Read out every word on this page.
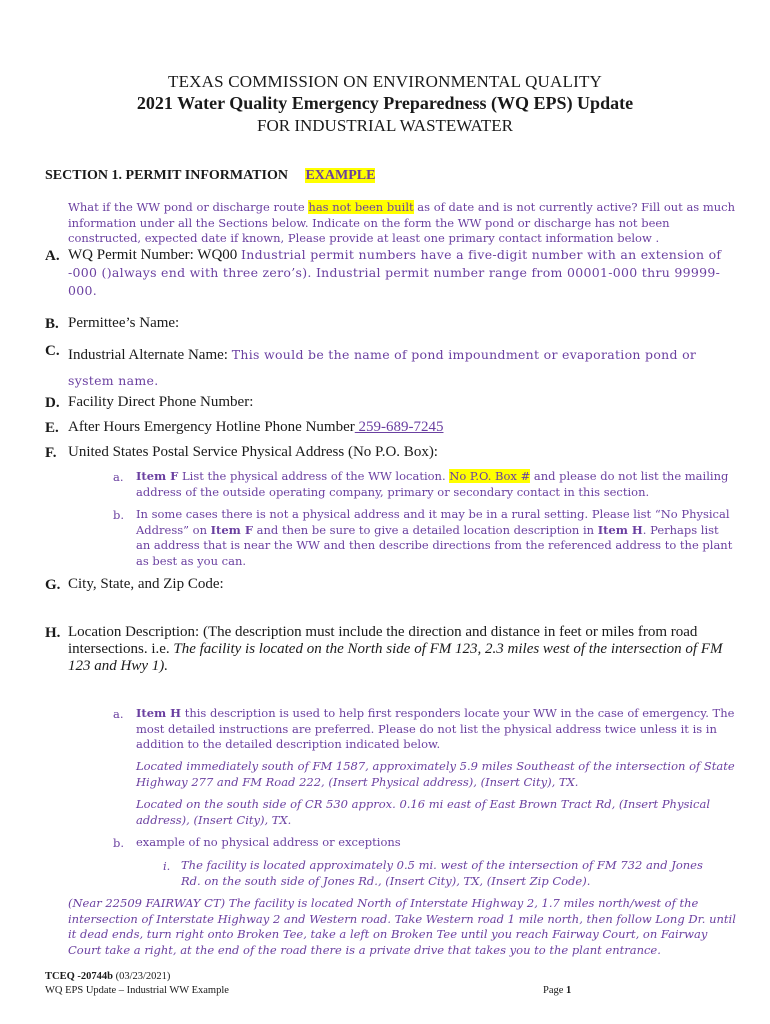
TEXAS COMMISSION ON ENVIRONMENTAL QUALITY
2021 Water Quality Emergency Preparedness (WQ EPS) Update
FOR INDUSTRIAL WASTEWATER
SECTION 1. PERMIT INFORMATION EXAMPLE
What if the WW pond or discharge route has not been built as of date and is not currently active? Fill out as much information under all the Sections below. Indicate on the form the WW pond or discharge has not been constructed, expected date if known, Please provide at least one primary contact information below .
A. WQ Permit Number: WQ00 Industrial permit numbers have a five-digit number with an extension of -000 ()always end with three zero’s). Industrial permit number range from 00001-000 thru 99999-000.
B. Permittee’s Name:
C. Industrial Alternate Name: This would be the name of pond impoundment or evaporation pond or system name.
D. Facility Direct Phone Number:
E. After Hours Emergency Hotline Phone Number 259-689-7245
F. United States Postal Service Physical Address (No P.O. Box):
a. Item F List the physical address of the WW location. No P.O. Box # and please do not list the mailing address of the outside operating company, primary or secondary contact in this section.
b. In some cases there is not a physical address and it may be in a rural setting. Please list “No Physical Address” on Item F and then be sure to give a detailed location description in Item H. Perhaps list an address that is near the WW and then describe directions from the referenced address to the plant as best as you can.
G. City, State, and Zip Code:
H. Location Description: (The description must include the direction and distance in feet or miles from road intersections. i.e. The facility is located on the North side of FM 123, 2.3 miles west of the intersection of FM 123 and Hwy 1).
a. Item H this description is used to help first responders locate your WW in the case of emergency. The most detailed instructions are preferred. Please do not list the physical address twice unless it is in addition to the detailed description indicated below.
Located immediately south of FM 1587, approximately 5.9 miles Southeast of the intersection of State Highway 277 and FM Road 222, (Insert Physical address), (Insert City), TX.
Located on the south side of CR 530 approx. 0.16 mi east of East Brown Tract Rd, (Insert Physical address), (Insert City), TX.
b. example of no physical address or exceptions
i. The facility is located approximately 0.5 mi. west of the intersection of FM 732 and Jones Rd. on the south side of Jones Rd., (Insert City), TX, (Insert Zip Code).
(Near 22509 FAIRWAY CT) The facility is located North of Interstate Highway 2, 1.7 miles north/west of the intersection of Interstate Highway 2 and Western road. Take Western road 1 mile north, then follow Long Dr. until it dead ends, turn right onto Broken Tee, take a left on Broken Tee until you reach Fairway Court, on Fairway Court take a right, at the end of the road there is a private drive that takes you to the plant entrance.
TCEQ -20744b (03/23/2021)
WQ EPS Update – Industrial WW Example	Page 1
